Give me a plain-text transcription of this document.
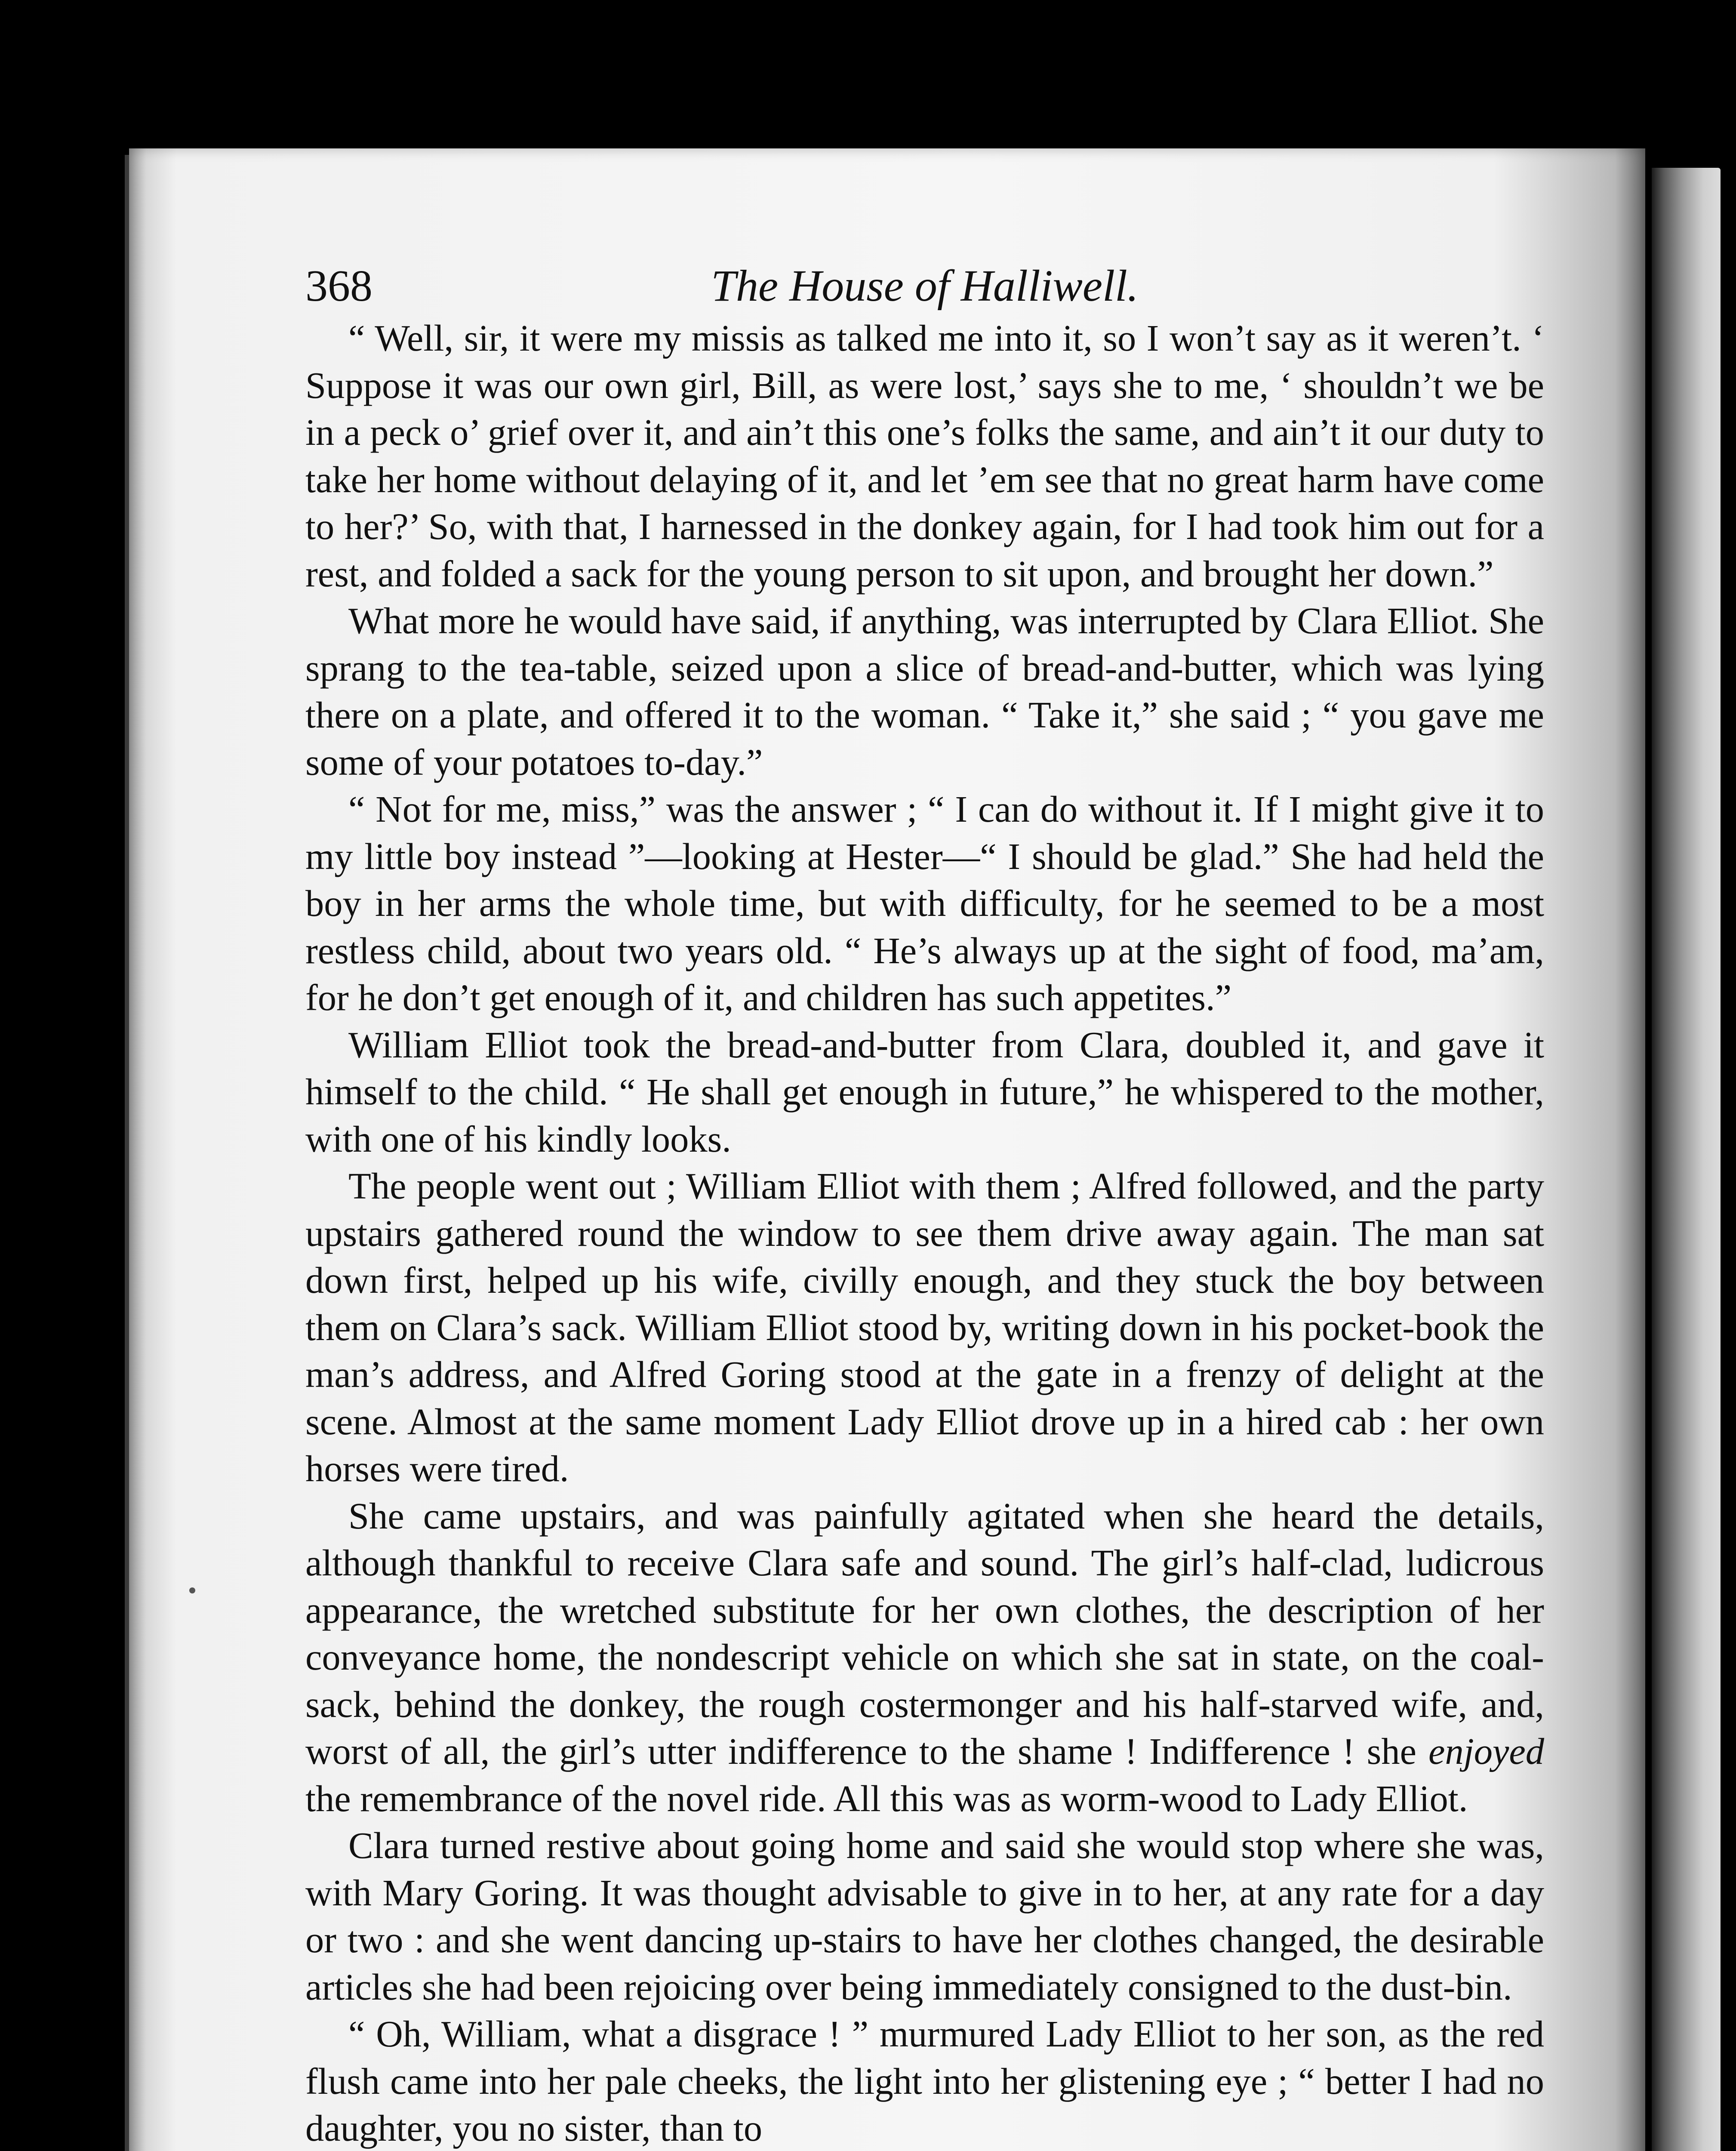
368	The House of Halliwell.

“ Well, sir, it were my missis as talked me into it, so I won’t say as it weren’t. ‘ Suppose it was our own girl, Bill, as were lost,’ says she to me, ‘ shouldn’t we be in a peck o’ grief over it, and ain’t this one’s folks the same, and ain’t it our duty to take her home without delaying of it, and let ’em see that no great harm have come to her?’ So, with that, I harnessed in the donkey again, for I had took him out for a rest, and folded a sack for the young person to sit upon, and brought her down.”

What more he would have said, if anything, was interrupted by Clara Elliot. She sprang to the tea-table, seized upon a slice of bread-and-butter, which was lying there on a plate, and offered it to the woman. “ Take it,” she said ; “ you gave me some of your potatoes to-day.”

“ Not for me, miss,” was the answer ; “ I can do without it. If I might give it to my little boy instead ”—looking at Hester—“ I should be glad.” She had held the boy in her arms the whole time, but with difficulty, for he seemed to be a most restless child, about two years old. “ He’s always up at the sight of food, ma’am, for he don’t get enough of it, and children has such appetites.”

William Elliot took the bread-and-butter from Clara, doubled it, and gave it himself to the child. “ He shall get enough in future,” he whispered to the mother, with one of his kindly looks.

The people went out ; William Elliot with them ; Alfred followed, and the party upstairs gathered round the window to see them drive away again. The man sat down first, helped up his wife, civilly enough, and they stuck the boy between them on Clara’s sack. William Elliot stood by, writing down in his pocket-book the man’s address, and Alfred Goring stood at the gate in a frenzy of delight at the scene. Almost at the same moment Lady Elliot drove up in a hired cab : her own horses were tired.

She came upstairs, and was painfully agitated when she heard the details, although thankful to receive Clara safe and sound. The girl’s half-clad, ludicrous appearance, the wretched substitute for her own clothes, the description of her conveyance home, the nondescript vehicle on which she sat in state, on the coal-sack, behind the donkey, the rough costermonger and his half-starved wife, and, worst of all, the girl’s utter indifference to the shame ! Indifference ! she enjoyed the remembrance of the novel ride. All this was as worm-wood to Lady Elliot.

Clara turned restive about going home and said she would stop where she was, with Mary Goring. It was thought advisable to give in to her, at any rate for a day or two : and she went dancing up-stairs to have her clothes changed, the desirable articles she had been rejoicing over being immediately consigned to the dust-bin.

“ Oh, William, what a disgrace ! ” murmured Lady Elliot to her son, as the red flush came into her pale cheeks, the light into her glistening eye ; “ better I had no daughter, you no sister, than to
